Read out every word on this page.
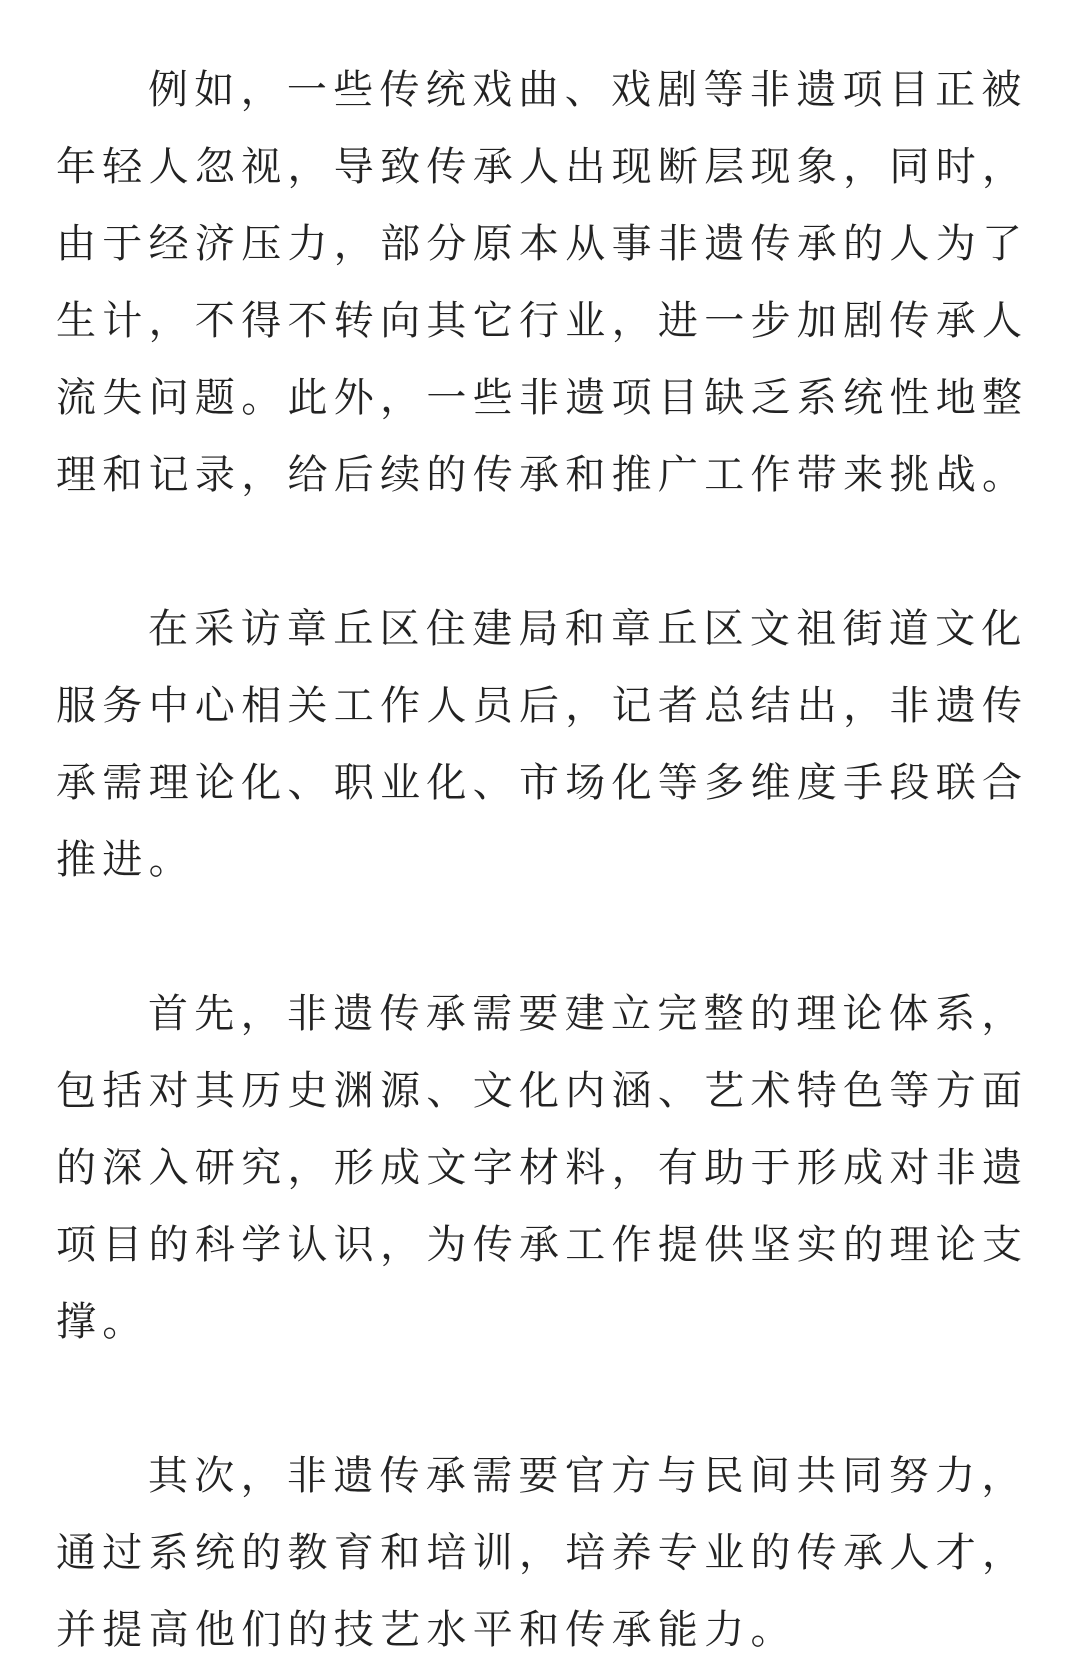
例如，一些传统戏曲、戏剧等非遗项目正被年轻人忽视，导致传承人出现断层现象，同时，由于经济压力，部分原本从事非遗传承的人为了生计，不得不转向其它行业，进一步加剧传承人流失问题。此外，一些非遗项目缺乏系统性地整理和记录，给后续的传承和推广工作带来挑战。

在采访章丘区住建局和章丘区文祖街道文化服务中心相关工作人员后，记者总结出，非遗传承需理论化、职业化、市场化等多维度手段联合推进。

首先，非遗传承需要建立完整的理论体系，包括对其历史渊源、文化内涵、艺术特色等方面的深入研究，形成文字材料，有助于形成对非遗项目的科学认识，为传承工作提供坚实的理论支撑。

其次，非遗传承需要官方与民间共同努力，通过系统的教育和培训，培养专业的传承人才，并提高他们的技艺水平和传承能力。
